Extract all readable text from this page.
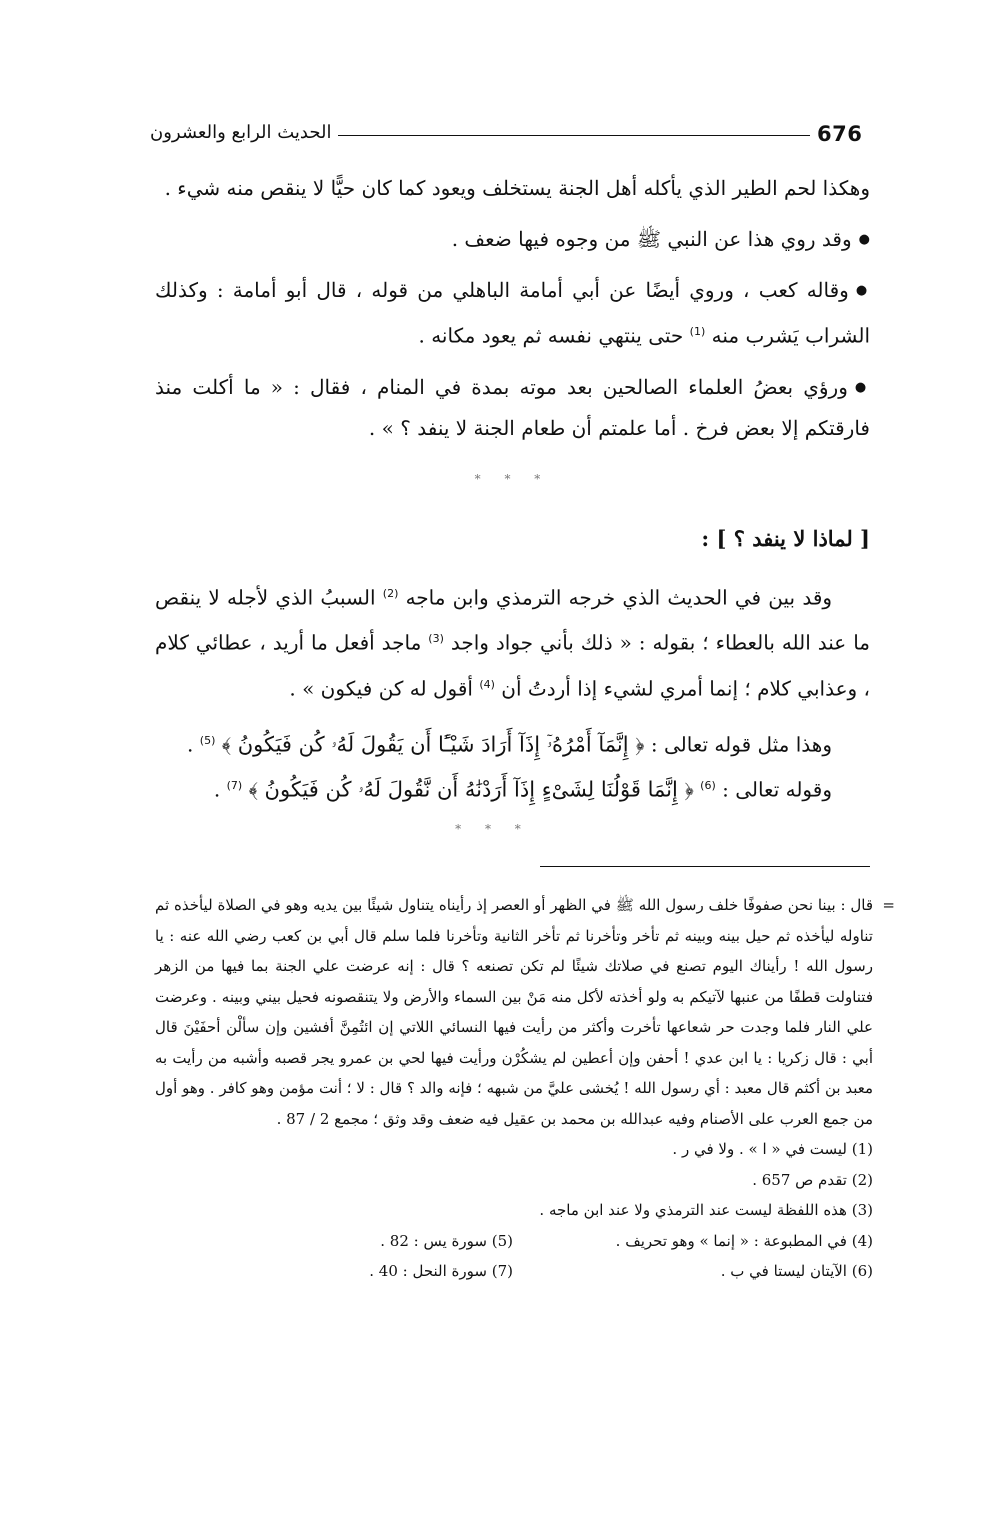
676
الحديث الرابع والعشرون

وهكذا لحم الطير الذي يأكله أهل الجنة يستخلف ويعود كما كان حيًّا لا ينقص منه شيء .

● وقد روي هذا عن النبي ﷺ من وجوه فيها ضعف .

● وقاله كعب ، وروي أيضًا عن أبي أمامة الباهلي من قوله ، قال أبو أمامة : وكذلك الشراب يَشرب منه $^{(1)}$ حتى ينتهي نفسه ثم يعود مكانه .

● ورؤي بعضُ العلماء الصالحين بعد موته بمدة في المنام ، فقال : « ما أكلت منذ فارقتكم إلا بعض فرخ . أما علمتم أن طعام الجنة لا ينفد ؟ » .

* * *
[ لماذا لا ينفد ؟ ] :

وقد بين في الحديث الذي خرجه الترمذي وابن ماجه $^{(2)}$ السببُ الذي لأجله لا ينقص ما عند الله بالعطاء ؛ بقوله : « ذلك بأني جواد واجد $^{(3)}$ ماجد أفعل ما أريد ، عطائي كلام ، وعذابي كلام ؛ إنما أمري لشيء إذا أردتُ أن $^{(4)}$ أقول له كن فيكون » .

وهذا مثل قوله تعالى : ﴿ إِنَّمَآ أَمْرُهُۥٓ إِذَآ أَرَادَ شَيْـًٔا أَن يَقُولَ لَهُۥ كُن فَيَكُونُ ﴾ $^{(5)}$ .

وقوله تعالى : $^{(6)}$ ﴿ إِنَّمَا قَوْلُنَا لِشَىْءٍ إِذَآ أَرَدْنَٰهُ أَن نَّقُولَ لَهُۥ كُن فَيَكُونُ ﴾ $^{(7)}$ .

* * *
= قال : بينا نحن صفوفًا خلف رسول الله ﷺ في الظهر أو العصر إذ رأيناه يتناول شيئًا بين يديه وهو في الصلاة ليأخذه ثم تناوله ليأخذه ثم حيل بينه وبينه ثم تأخر وتأخرنا ثم تأخر الثانية وتأخرنا فلما سلم قال أبي بن كعب رضي الله عنه : يا رسول الله ! رأيناك اليوم تصنع في صلاتك شيئًا لم تكن تصنعه ؟ قال : إنه عرضت علي الجنة بما فيها من الزهر فتناولت قطفًا من عنبها لآتيكم به ولو أخذته لأكل منه مَنْ بين السماء والأرض ولا يتنقصونه فحيل بيني وبينه . وعرضت علي النار فلما وجدت حر شعاعها تأخرت وأكثر من رأيت فيها النسائي اللاتي إن ائتُمِنَّ أفشين وإن سألْن أحفَيْنَ قال أبي : قال زكريا : يا ابن عدي ! أحفن وإن أعطين لم يشكُرْن ورأيت فيها لحي بن عمرو يجر قصبه وأشبه من رأيت به معبد بن أكثم قال معبد : أي رسول الله ! يُخشى عليَّ من شبهه ؛ فإنه والد ؟ قال : لا ؛ أنت مؤمن وهو كافر . وهو أول من جمع العرب على الأصنام وفيه عبدالله بن محمد بن عقيل فيه ضعف وقد وثق ؛ مجمع 2 / 87 .
(1) ليست في « ا » . ولا في ر .
(2) تقدم ص 657 .
(3) هذه اللفظة ليست عند الترمذي ولا عند ابن ماجه .
(4) في المطبوعة : « إنما » وهو تحريف .
(5) سورة يس : 82 .
(6) الآيتان ليستا في ب .
(7) سورة النحل : 40 .
